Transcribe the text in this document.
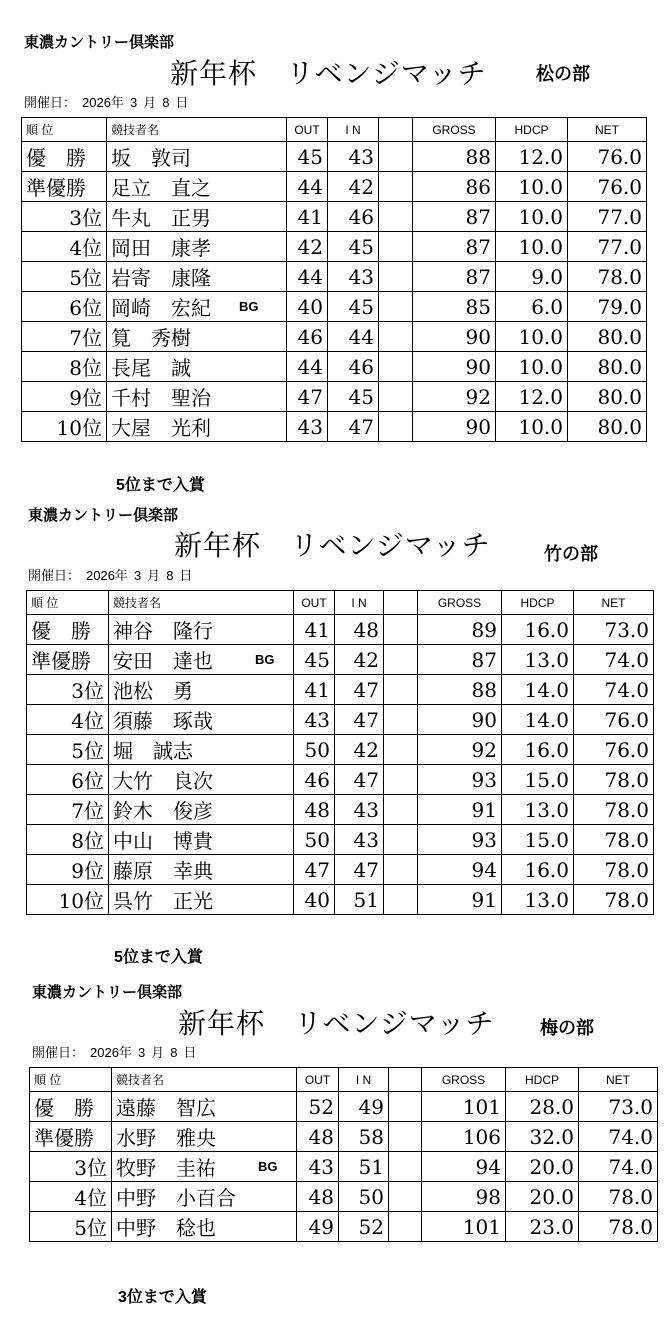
東濃カントリー倶楽部
新年杯　リベンジマッチ	松の部
開催日： 2026年 3 月 8 日
順 位	競技者名	OUT	I N		GROSS	HDCP	NET
優　勝	坂　敦司	45	43		88	12.0	76.0
準優勝	足立　直之	44	42		86	10.0	76.0
3位	牛丸　正男	41	46		87	10.0	77.0
4位	岡田　康孝	42	45		87	10.0	77.0
5位	岩寄　康隆	44	43		87	9.0	78.0
6位	岡崎　宏紀 BG	40	45		85	6.0	79.0
7位	筧　秀樹	46	44		90	10.0	80.0
8位	長尾　誠	44	46		90	10.0	80.0
9位	千村　聖治	47	45		92	12.0	80.0
10位	大屋　光利	43	47		90	10.0	80.0
5位まで入賞
東濃カントリー倶楽部
新年杯　リベンジマッチ	竹の部
開催日： 2026年 3 月 8 日
順 位	競技者名	OUT	I N		GROSS	HDCP	NET
優　勝	神谷　隆行	41	48		89	16.0	73.0
準優勝	安田　達也 BG	45	42		87	13.0	74.0
3位	池松　勇	41	47		88	14.0	74.0
4位	須藤　琢哉	43	47		90	14.0	76.0
5位	堀　誠志	50	42		92	16.0	76.0
6位	大竹　良次	46	47		93	15.0	78.0
7位	鈴木　俊彦	48	43		91	13.0	78.0
8位	中山　博貴	50	43		93	15.0	78.0
9位	藤原　幸典	47	47		94	16.0	78.0
10位	呉竹　正光	40	51		91	13.0	78.0
5位まで入賞
東濃カントリー倶楽部
新年杯　リベンジマッチ	梅の部
開催日： 2026年 3 月 8 日
順 位	競技者名	OUT	I N		GROSS	HDCP	NET
優　勝	遠藤　智広	52	49		101	28.0	73.0
準優勝	水野　雅央	48	58		106	32.0	74.0
3位	牧野　圭祐 BG	43	51		94	20.0	74.0
4位	中野　小百合	48	50		98	20.0	78.0
5位	中野　稔也	49	52		101	23.0	78.0
3位まで入賞
